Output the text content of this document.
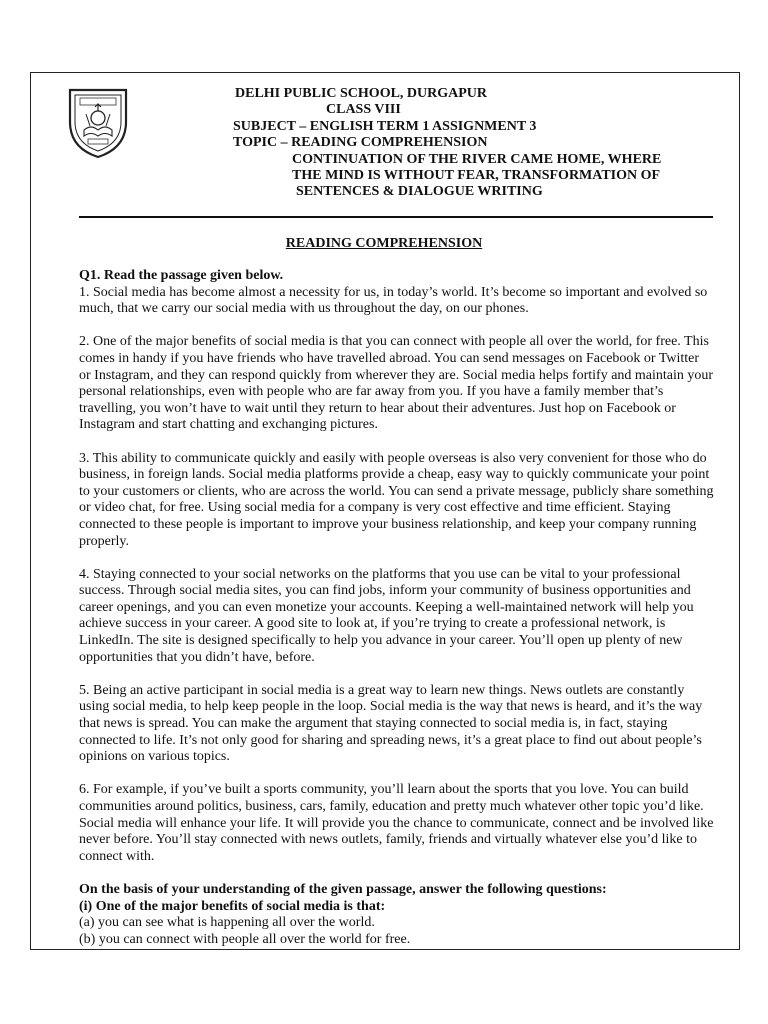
DELHI PUBLIC SCHOOL, DURGAPUR
CLASS VIII
SUBJECT – ENGLISH TERM 1 ASSIGNMENT 3
TOPIC – READING COMPREHENSION
CONTINUATION OF THE RIVER CAME HOME, WHERE
THE MIND IS WITHOUT FEAR, TRANSFORMATION OF
SENTENCES & DIALOGUE WRITING
READING COMPREHENSION

Q1. Read the passage given below.

1. Social media has become almost a necessity for us, in today’s world. It’s become so important and evolved so much, that we carry our social media with us throughout the day, on our phones.

2. One of the major benefits of social media is that you can connect with people all over the world, for free. This comes in handy if you have friends who have travelled abroad. You can send messages on Facebook or Twitter or Instagram, and they can respond quickly from wherever they are. Social media helps fortify and maintain your personal relationships, even with people who are far away from you. If you have a family member that’s travelling, you won’t have to wait until they return to hear about their adventures. Just hop on Facebook or Instagram and start chatting and exchanging pictures.

3. This ability to communicate quickly and easily with people overseas is also very convenient for those who do business, in foreign lands. Social media platforms provide a cheap, easy way to quickly communicate your point to your customers or clients, who are across the world. You can send a private message, publicly share something or video chat, for free. Using social media for a company is very cost effective and time efficient. Staying connected to these people is important to improve your business relationship, and keep your company running properly.

4. Staying connected to your social networks on the platforms that you use can be vital to your professional success. Through social media sites, you can find jobs, inform your community of business opportunities and career openings, and you can even monetize your accounts. Keeping a well-maintained network will help you achieve success in your career. A good site to look at, if you’re trying to create a professional network, is LinkedIn. The site is designed specifically to help you advance in your career. You’ll open up plenty of new opportunities that you didn’t have, before.

5. Being an active participant in social media is a great way to learn new things. News outlets are constantly using social media, to help keep people in the loop. Social media is the way that news is heard, and it’s the way that news is spread. You can make the argument that staying connected to social media is, in fact, staying connected to life. It’s not only good for sharing and spreading news, it’s a great place to find out about people’s opinions on various topics.

6. For example, if you’ve built a sports community, you’ll learn about the sports that you love. You can build communities around politics, business, cars, family, education and pretty much whatever other topic you’d like. Social media will enhance your life. It will provide you the chance to communicate, connect and be involved like never before. You’ll stay connected with news outlets, family, friends and virtually whatever else you’d like to connect with.

On the basis of your understanding of the given passage, answer the following questions:

(i) One of the major benefits of social media is that:

(a) you can see what is happening all over the world.

(b) you can connect with people all over the world for free.
